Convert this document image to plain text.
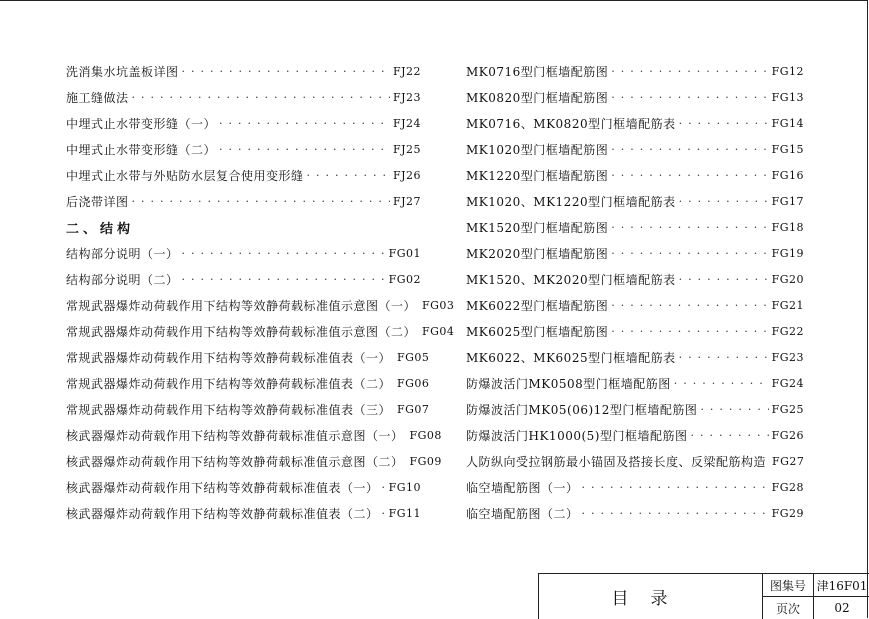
洗消集水坑盖板详图 ·····	FJ22
施工缝做法 ·····	FJ23
中埋式止水带变形缝（一） ·····	FJ24
中埋式止水带变形缝（二） ·····	FJ25
中埋式止水带与外贴防水层复合使用变形缝 ·····	FJ26
后浇带详图 ·····	FJ27
二、结构
结构部分说明（一） ·····	FG01
结构部分说明（二） ·····	FG02
常规武器爆炸动荷载作用下结构等效静荷载标准值示意图（一） FG03
常规武器爆炸动荷载作用下结构等效静荷载标准值示意图（二） FG04
常规武器爆炸动荷载作用下结构等效静荷载标准值表（一） FG05
常规武器爆炸动荷载作用下结构等效静荷载标准值表（二） FG06
常规武器爆炸动荷载作用下结构等效静荷载标准值表（三） FG07
核武器爆炸动荷载作用下结构等效静荷载标准值示意图（一） FG08
核武器爆炸动荷载作用下结构等效静荷载标准值示意图（二） FG09
核武器爆炸动荷载作用下结构等效静荷载标准值表（一） ····· FG10
核武器爆炸动荷载作用下结构等效静荷载标准值表（二） ····· FG11
MK0716型门框墙配筋图 ·····	FG12
MK0820型门框墙配筋图 ·····	FG13
MK0716、MK0820型门框墙配筋表 ·····	FG14
MK1020型门框墙配筋图 ·····	FG15
MK1220型门框墙配筋图 ·····	FG16
MK1020、MK1220型门框墙配筋表 ·····	FG17
MK1520型门框墙配筋图 ·····	FG18
MK2020型门框墙配筋图 ·····	FG19
MK1520、MK2020型门框墙配筋表 ·····	FG20
MK6022型门框墙配筋图 ·····	FG21
MK6025型门框墙配筋图 ·····	FG22
MK6022、MK6025型门框墙配筋表 ·····	FG23
防爆波活门MK0508型门框墙配筋图 ·····	FG24
防爆波活门MK05(06)12型门框墙配筋图 ·····	FG25
防爆波活门HK1000(5)型门框墙配筋图 ·····	FG26
人防纵向受拉钢筋最小锚固及搭接长度、反梁配筋构造 FG27
临空墙配筋图（一） ·····	FG28
临空墙配筋图（二） ·····	FG29
目录
图集号 津16F01
页次	02
